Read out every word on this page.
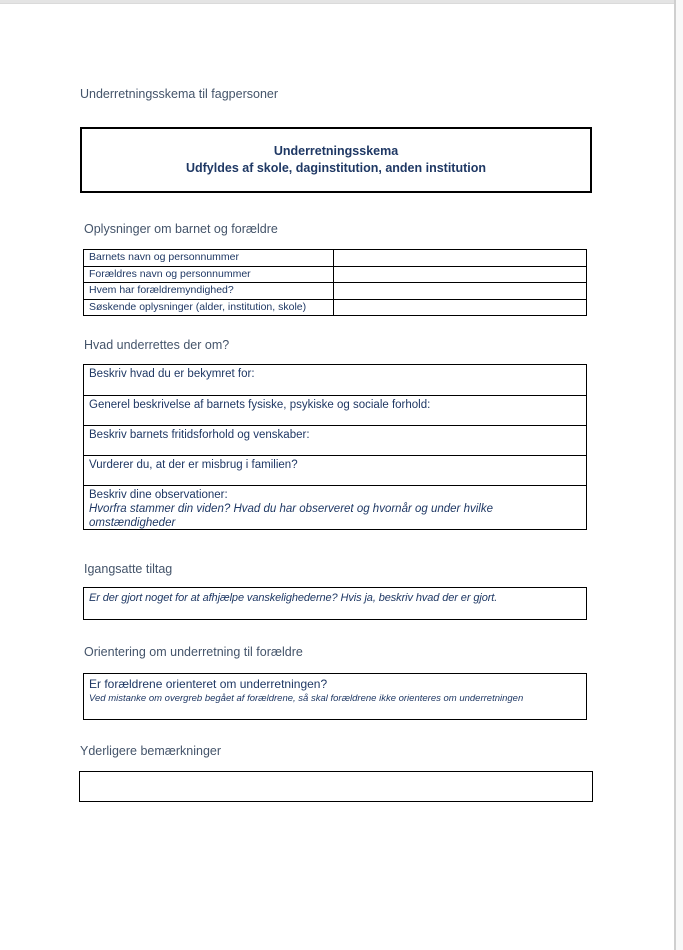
Underretningsskema til fagpersoner
Underretningsskema
Udfyldes af skole, daginstitution, anden institution
Oplysninger om barnet og forældre
Barnets navn og personnummer
Forældres navn og personnummer
Hvem har forældremyndighed?
Søskende oplysninger (alder, institution, skole)
Hvad underrettes der om?
Beskriv hvad du er bekymret for:
Generel beskrivelse af barnets fysiske, psykiske og sociale forhold:
Beskriv barnets fritidsforhold og venskaber:
Vurderer du, at der er misbrug i familien?
Beskriv dine observationer:
Hvorfra stammer din viden? Hvad du har observeret og hvornår og under hvilke omstændigheder
Igangsatte tiltag
Er der gjort noget for at afhjælpe vanskelighederne? Hvis ja, beskriv hvad der er gjort.
Orientering om underretning til forældre
Er forældrene orienteret om underretningen?
Ved mistanke om overgreb begået af forældrene, så skal forældrene ikke orienteres om underretningen
Yderligere bemærkninger
